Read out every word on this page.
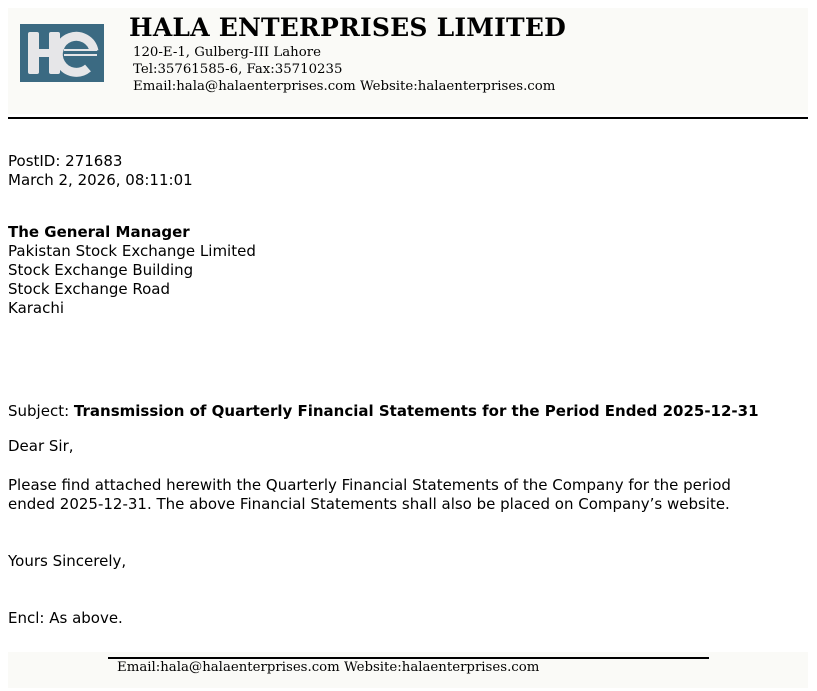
HALA ENTERPRISES LIMITED
120-E-1, Gulberg-III Lahore
Tel:35761585-6, Fax:35710235
Email:hala@halaenterprises.com Website:halaenterprises.com
PostID: 271683
March 2, 2026, 08:11:01
The General Manager
Pakistan Stock Exchange Limited
Stock Exchange Building
Stock Exchange Road
Karachi
Subject: Transmission of Quarterly Financial Statements for the Period Ended 2025-12-31
Dear Sir,
Please find attached herewith the Quarterly Financial Statements of the Company for the period
ended 2025-12-31. The above Financial Statements shall also be placed on Company’s website.
Yours Sincerely,
Encl: As above.
Email:hala@halaenterprises.com Website:halaenterprises.com
